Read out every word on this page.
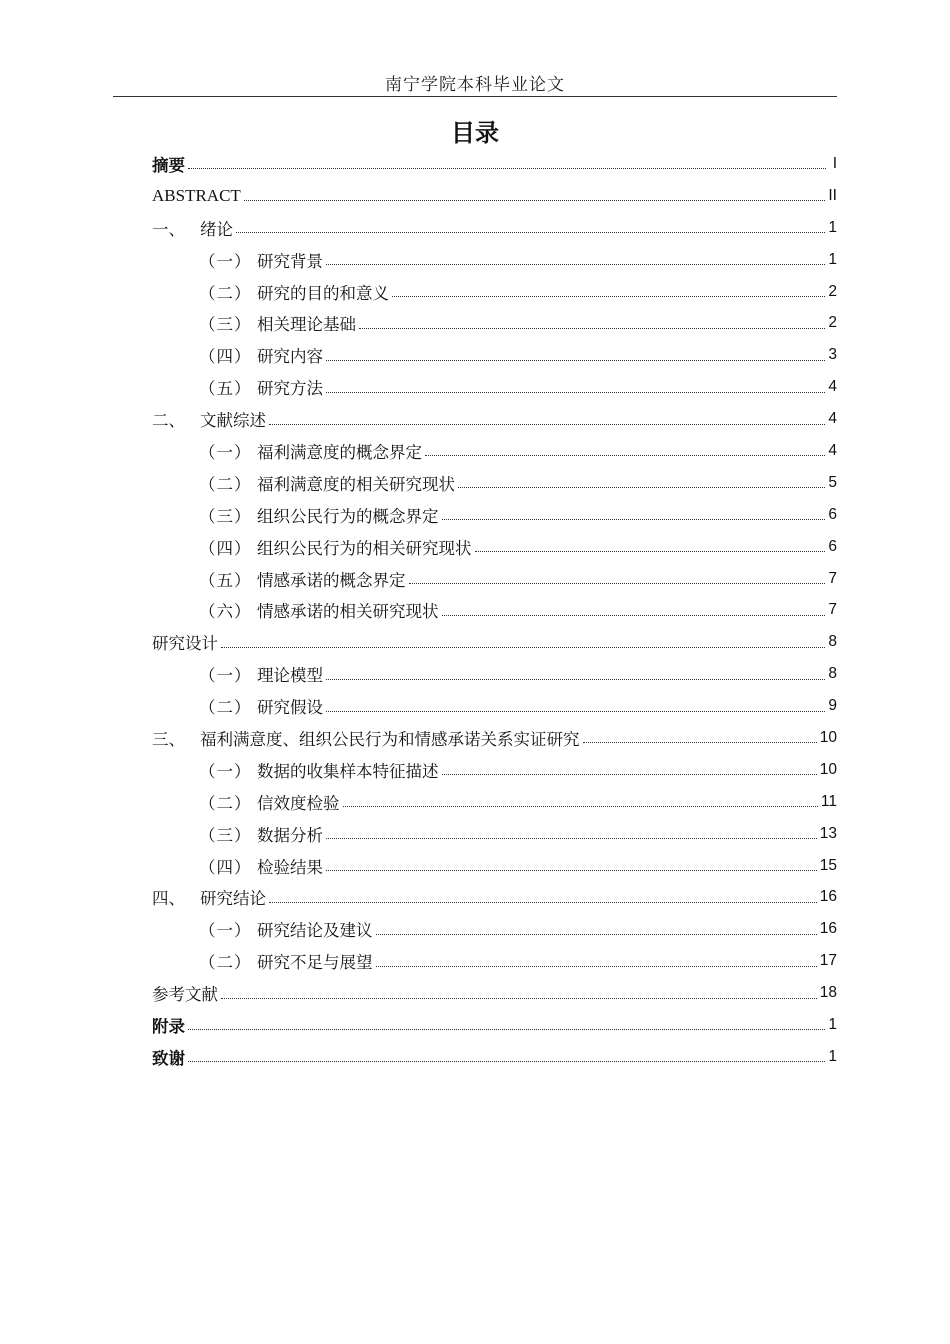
南宁学院本科毕业论文
目录
摘要	I
ABSTRACT	II
一、 绪论	1
（一） 研究背景	1
（二） 研究的目的和意义	2
（三） 相关理论基础	2
（四） 研究内容	3
（五） 研究方法	4
二、 文献综述	4
（一） 福利满意度的概念界定	4
（二） 福利满意度的相关研究现状	5
（三） 组织公民行为的概念界定	6
（四） 组织公民行为的相关研究现状	6
（五） 情感承诺的概念界定	7
（六） 情感承诺的相关研究现状	7
研究设计	8
（一） 理论模型	8
（二） 研究假设	9
三、 福利满意度、组织公民行为和情感承诺关系实证研究	10
（一） 数据的收集样本特征描述	10
（二） 信效度检验	11
（三） 数据分析	13
（四） 检验结果	15
四、 研究结论	16
（一） 研究结论及建议	16
（二） 研究不足与展望	17
参考文献	18
附录	1
致谢	1
